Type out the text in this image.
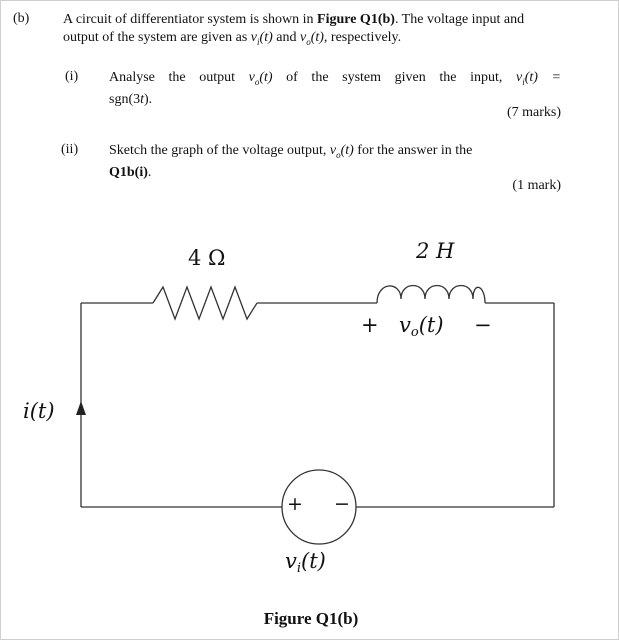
(b) A circuit of differentiator system is shown in Figure Q1(b). The voltage input and output of the system are given as $v_i(t)$ and $v_o(t)$, respectively.
(i) Analyse the output $v_o(t)$ of the system given the input, $v_i(t)$ =
sgn(3t).
(7 marks)
(ii) Sketch the graph of the voltage output, $v_o(t)$ for the answer in the
Q1b(i).
(1 mark)
4 Ω	2 H
+ $v_o(t)$ −
i(t)
+ −
$v_i(t)$
Figure Q1(b)
